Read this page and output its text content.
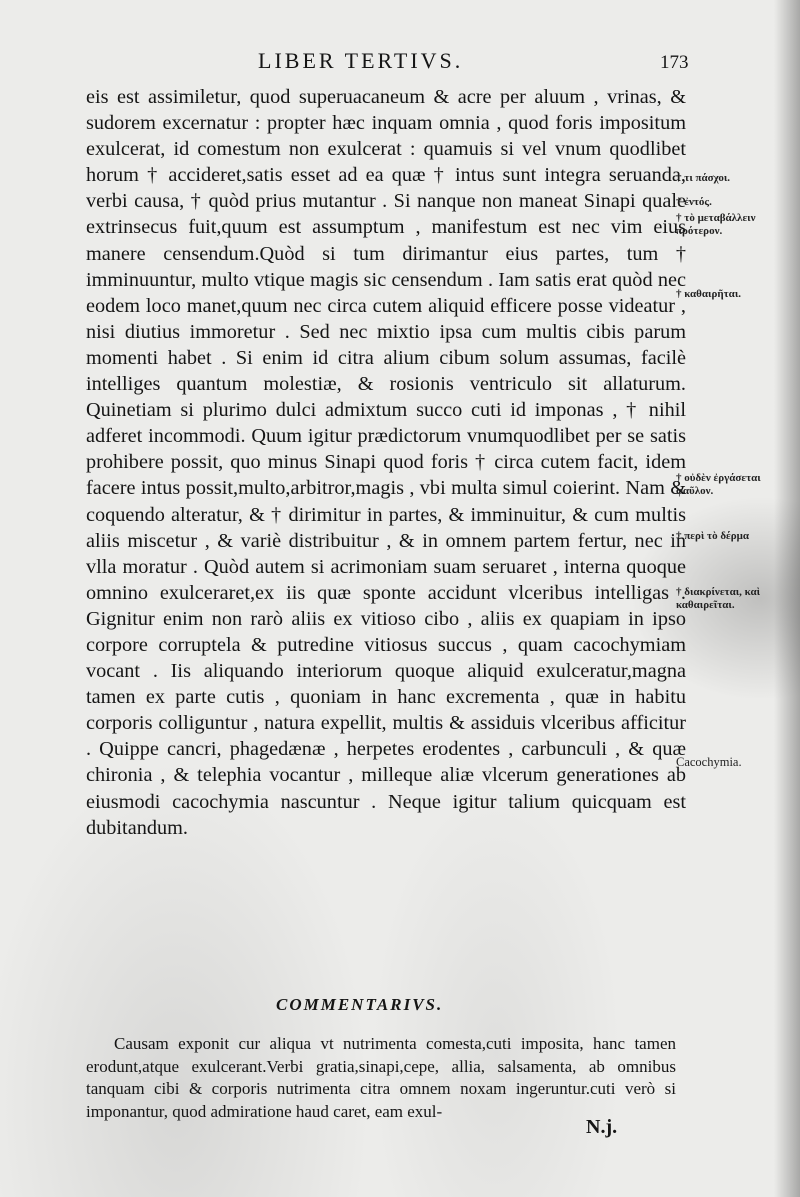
LIBER TERTIVS.	173

eis est assimiletur, quod superuacaneum & acre per aluum , vrinas, & sudorem excernatur : propter hæc inquam omnia , quod foris impositum exulcerat, id comestum non exulcerat : quamuis si vel vnum quodlibet horum † accideret,satis esset ad ea quæ † intus sunt integra seruanda, verbi causa, † quòd prius mutantur . Si nanque non maneat Sinapi quale extrinsecus fuit,quum est assumptum , manifestum est nec vim eius manere censendum.Quòd si tum dirimantur eius partes, tum † imminuuntur, multo vtique magis sic censendum . Iam satis erat quòd nec eodem loco manet,quum nec circa cutem aliquid efficere posse videatur , nisi diutius immoretur . Sed nec mixtio ipsa cum multis cibis parum momenti habet . Si enim id citra alium cibum solum assumas, facilè intelliges quantum molestiæ, & rosionis ventriculo sit allaturum. Quinetiam si plurimo dulci admixtum succo cuti id imponas , † nihil adferet incommodi. Quum igitur prædictorum vnumquodlibet per se satis prohibere possit, quo minus Sinapi quod foris † circa cutem facit, idem facere intus possit,multo,arbitror,magis , vbi multa simul coierint. Nam & coquendo alteratur, & † dirimitur in partes, & imminuitur, & cum multis aliis miscetur , & variè distribuitur , & in omnem partem fertur, nec in vlla moratur . Quòd autem si acrimoniam suam seruaret , interna quoque omnino exulceraret,ex iis quæ sponte accidunt vlceribus intelligas . Gignitur enim non rarò aliis ex vitioso cibo , aliis ex quapiam in ipso corpore corruptela & putredine vitiosus succus , quam cacochymiam vocant . Iis aliquando interiorum quoque aliquid exulceratur,magna tamen ex parte cutis , quoniam in hanc excrementa , quæ in habitu corporis colliguntur , natura expellit, multis & assiduis vlceribus afficitur . Quippe cancri, phagedænæ , herpetes erodentes , carbunculi , & quæ chironia , & telephia vocantur , milleque aliæ vlcerum generationes ab eiusmodi cacochymia nascuntur . Neque igitur talium quicquam est dubitandum.

† τι πάσχοι.
† ἐντός.
† τὸ μεταβάλλειν πρότερον.
† καθαιρῆται.
† οὐδὲν ἐργάσεται φαῦλον.
† περὶ τὸ δέρμα
† διακρίνεται, καὶ καθαιρεῖται.
Cacochymia.
COMMENTARIVS.

Causam exponit cur aliqua vt nutrimenta comesta,cuti imposita, hanc tamen erodunt,atque exulcerant.Verbi gratia,sinapi,cepe, allia, salsamenta, ab omnibus tanquam cibi & corporis nutrimenta citra omnem noxam ingeruntur.cuti verò si imponantur, quod admiratione haud caret, eam exul-

N.j.
